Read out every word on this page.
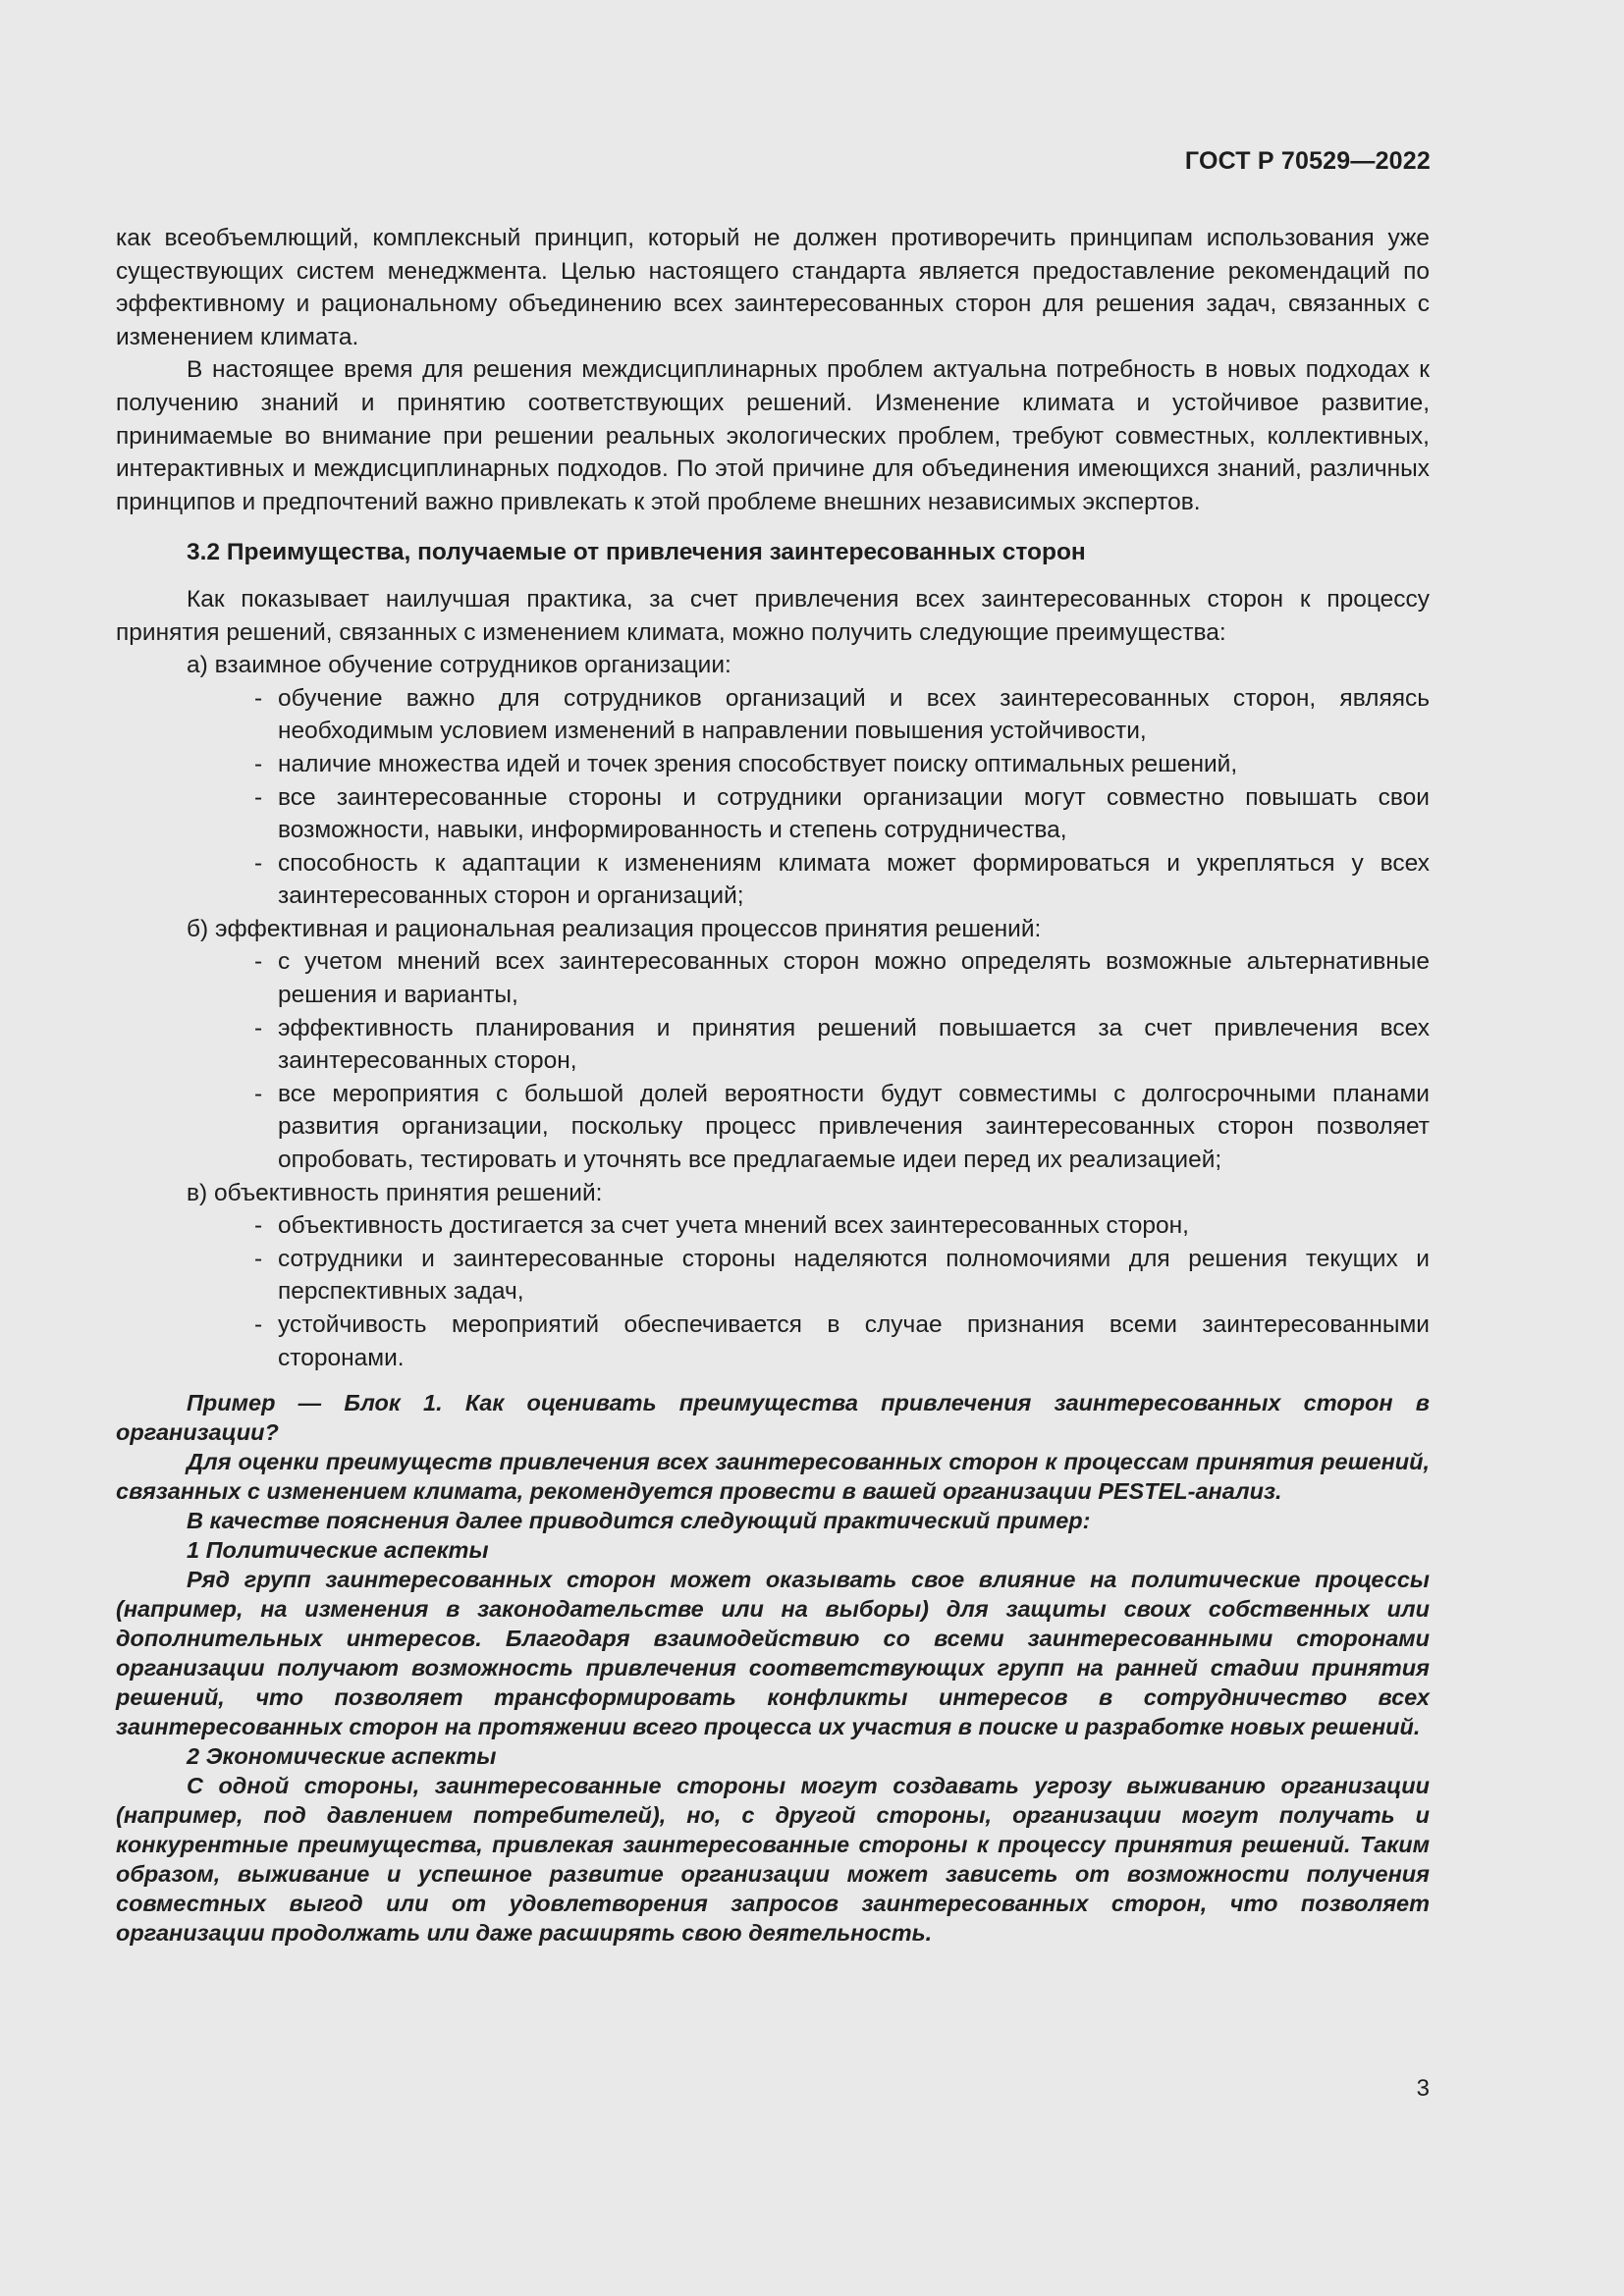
ГОСТ Р 70529—2022

как всеобъемлющий, комплексный принцип, который не должен противоречить принципам использования уже существующих систем менеджмента. Целью настоящего стандарта является предоставление рекомендаций по эффективному и рациональному объединению всех заинтересованных сторон для решения задач, связанных с изменением климата.

В настоящее время для решения междисциплинарных проблем актуальна потребность в новых подходах к получению знаний и принятию соответствующих решений. Изменение климата и устойчивое развитие, принимаемые во внимание при решении реальных экологических проблем, требуют совместных, коллективных, интерактивных и междисциплинарных подходов. По этой причине для объединения имеющихся знаний, различных принципов и предпочтений важно привлекать к этой проблеме внешних независимых экспертов.

3.2 Преимущества, получаемые от привлечения заинтересованных сторон

Как показывает наилучшая практика, за счет привлечения всех заинтересованных сторон к процессу принятия решений, связанных с изменением климата, можно получить следующие преимущества:

а) взаимное обучение сотрудников организации:
- обучение важно для сотрудников организаций и всех заинтересованных сторон, являясь необходимым условием изменений в направлении повышения устойчивости,
- наличие множества идей и точек зрения способствует поиску оптимальных решений,
- все заинтересованные стороны и сотрудники организации могут совместно повышать свои возможности, навыки, информированность и степень сотрудничества,
- способность к адаптации к изменениям климата может формироваться и укрепляться у всех заинтересованных сторон и организаций;
б) эффективная и рациональная реализация процессов принятия решений:
- с учетом мнений всех заинтересованных сторон можно определять возможные альтернативные решения и варианты,
- эффективность планирования и принятия решений повышается за счет привлечения всех заинтересованных сторон,
- все мероприятия с большой долей вероятности будут совместимы с долгосрочными планами развития организации, поскольку процесс привлечения заинтересованных сторон позволяет опробовать, тестировать и уточнять все предлагаемые идеи перед их реализацией;
в) объективность принятия решений:
- объективность достигается за счет учета мнений всех заинтересованных сторон,
- сотрудники и заинтересованные стороны наделяются полномочиями для решения текущих и перспективных задач,
- устойчивость мероприятий обеспечивается в случае признания всеми заинтересованными сторонами.

Пример — Блок 1. Как оценивать преимущества привлечения заинтересованных сторон в организации?

Для оценки преимуществ привлечения всех заинтересованных сторон к процессам принятия решений, связанных с изменением климата, рекомендуется провести в вашей организации PESTEL-анализ.

В качестве пояснения далее приводится следующий практический пример:

1 Политические аспекты

Ряд групп заинтересованных сторон может оказывать свое влияние на политические процессы (например, на изменения в законодательстве или на выборы) для защиты своих собственных или дополнительных интересов. Благодаря взаимодействию со всеми заинтересованными сторонами организации получают возможность привлечения соответствующих групп на ранней стадии принятия решений, что позволяет трансформировать конфликты интересов в сотрудничество всех заинтересованных сторон на протяжении всего процесса их участия в поиске и разработке новых решений.

2 Экономические аспекты

С одной стороны, заинтересованные стороны могут создавать угрозу выживанию организации (например, под давлением потребителей), но, с другой стороны, организации могут получать и конкурентные преимущества, привлекая заинтересованные стороны к процессу принятия решений. Таким образом, выживание и успешное развитие организации может зависеть от возможности получения совместных выгод или от удовлетворения запросов заинтересованных сторон, что позволяет организации продолжать или даже расширять свою деятельность.

3
